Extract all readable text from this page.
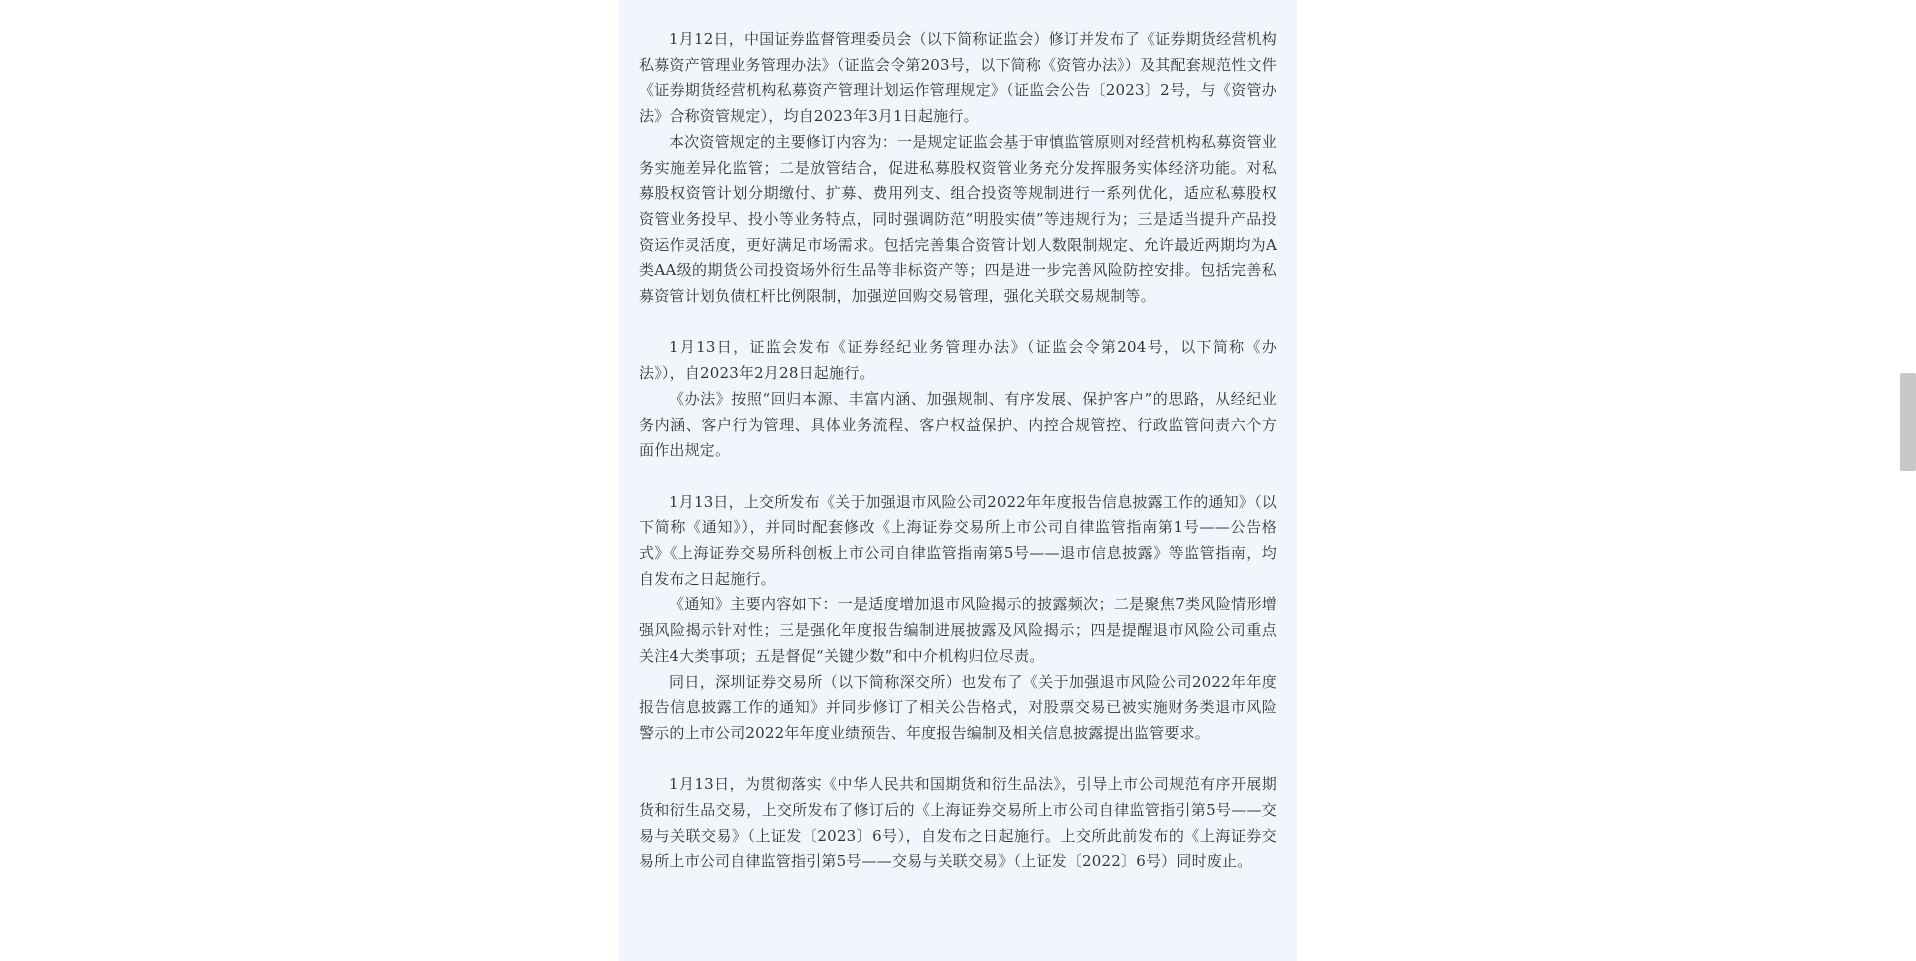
1月12日，中国证券监督管理委员会（以下简称证监会）修订并发布了《证券期货经营机构私募资产管理业务管理办法》（证监会令第203号，以下简称《资管办法》）及其配套规范性文件《证券期货经营机构私募资产管理计划运作管理规定》（证监会公告〔2023〕2号，与《资管办法》合称资管规定），均自2023年3月1日起施行。

本次资管规定的主要修订内容为：一是规定证监会基于审慎监管原则对经营机构私募资管业务实施差异化监管；二是放管结合，促进私募股权资管业务充分发挥服务实体经济功能。对私募股权资管计划分期缴付、扩募、费用列支、组合投资等规制进行一系列优化，适应私募股权资管业务投早、投小等业务特点，同时强调防范“明股实债”等违规行为；三是适当提升产品投资运作灵活度，更好满足市场需求。包括完善集合资管计划人数限制规定、允许最近两期均为A类AA级的期货公司投资场外衍生品等非标资产等；四是进一步完善风险防控安排。包括完善私募资管计划负债杠杆比例限制，加强逆回购交易管理，强化关联交易规制等。

1月13日，证监会发布《证券经纪业务管理办法》（证监会令第204号，以下简称《办法》），自2023年2月28日起施行。

《办法》按照“回归本源、丰富内涵、加强规制、有序发展、保护客户”的思路，从经纪业务内涵、客户行为管理、具体业务流程、客户权益保护、内控合规管控、行政监管问责六个方面作出规定。

1月13日，上交所发布《关于加强退市风险公司2022年年度报告信息披露工作的通知》（以下简称《通知》），并同时配套修改《上海证券交易所上市公司自律监管指南第1号——公告格式》《上海证券交易所科创板上市公司自律监管指南第5号——退市信息披露》等监管指南，均自发布之日起施行。

《通知》主要内容如下：一是适度增加退市风险揭示的披露频次；二是聚焦7类风险情形增强风险揭示针对性；三是强化年度报告编制进展披露及风险揭示；四是提醒退市风险公司重点关注4大类事项；五是督促“关键少数”和中介机构归位尽责。

同日，深圳证券交易所（以下简称深交所）也发布了《关于加强退市风险公司2022年年度报告信息披露工作的通知》并同步修订了相关公告格式，对股票交易已被实施财务类退市风险警示的上市公司2022年年度业绩预告、年度报告编制及相关信息披露提出监管要求。

1月13日，为贯彻落实《中华人民共和国期货和衍生品法》，引导上市公司规范有序开展期货和衍生品交易，上交所发布了修订后的《上海证券交易所上市公司自律监管指引第5号——交易与关联交易》（上证发〔2023〕6号），自发布之日起施行。上交所此前发布的《上海证券交易所上市公司自律监管指引第5号——交易与关联交易》（上证发〔2022〕6号）同时废止。
